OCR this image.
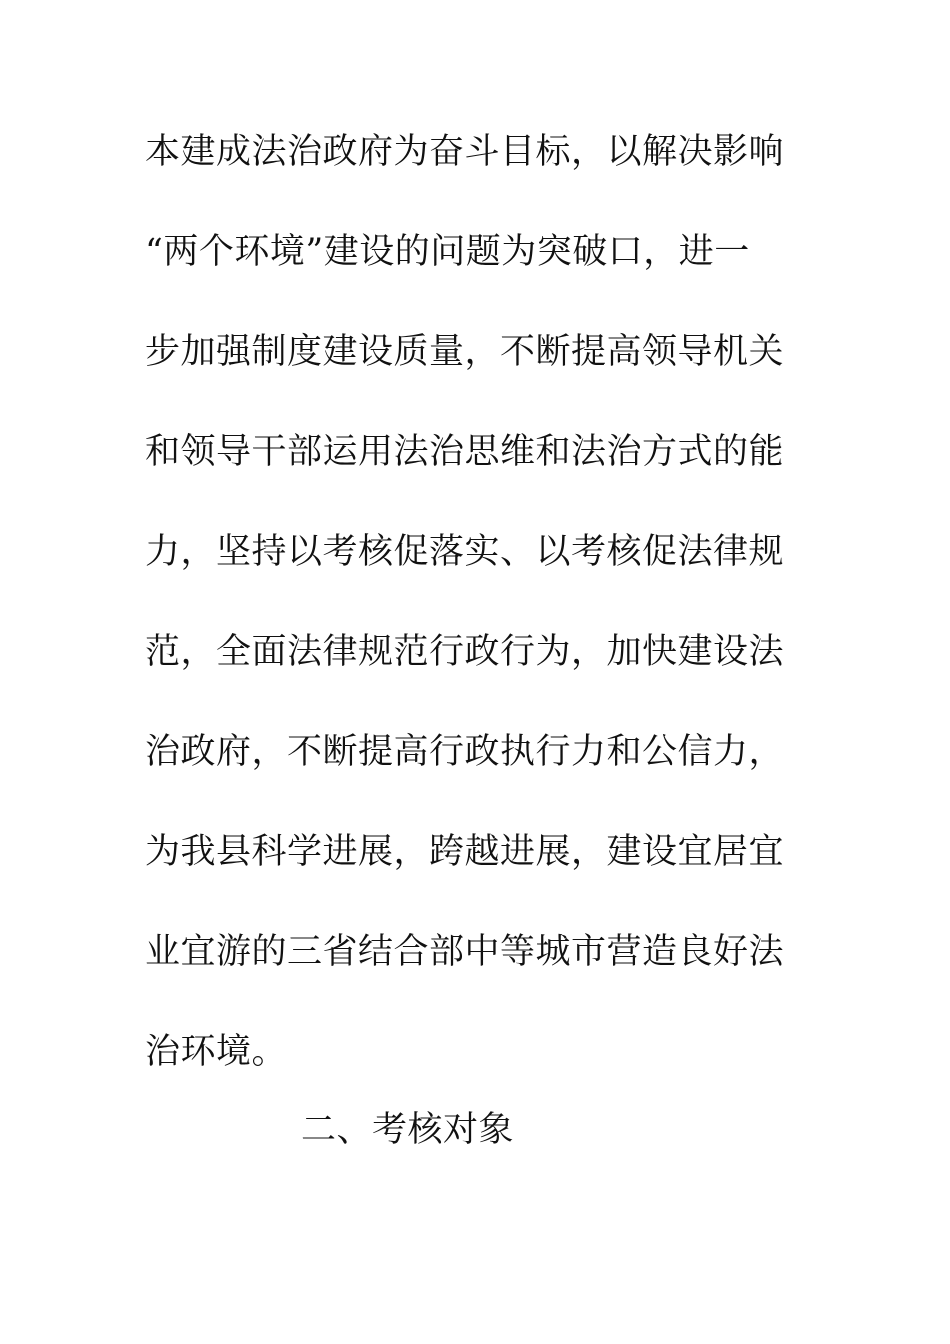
本建成法治政府为奋斗目标，以解决影响
“两个环境”建设的问题为突破口，进一
步加强制度建设质量，不断提高领导机关
和领导干部运用法治思维和法治方式的能
力，坚持以考核促落实、以考核促法律规
范，全面法律规范行政行为，加快建设法
治政府，不断提高行政执行力和公信力，
为我县科学进展，跨越进展，建设宜居宜
业宜游的三省结合部中等城市营造良好法
治环境。
二、考核对象
